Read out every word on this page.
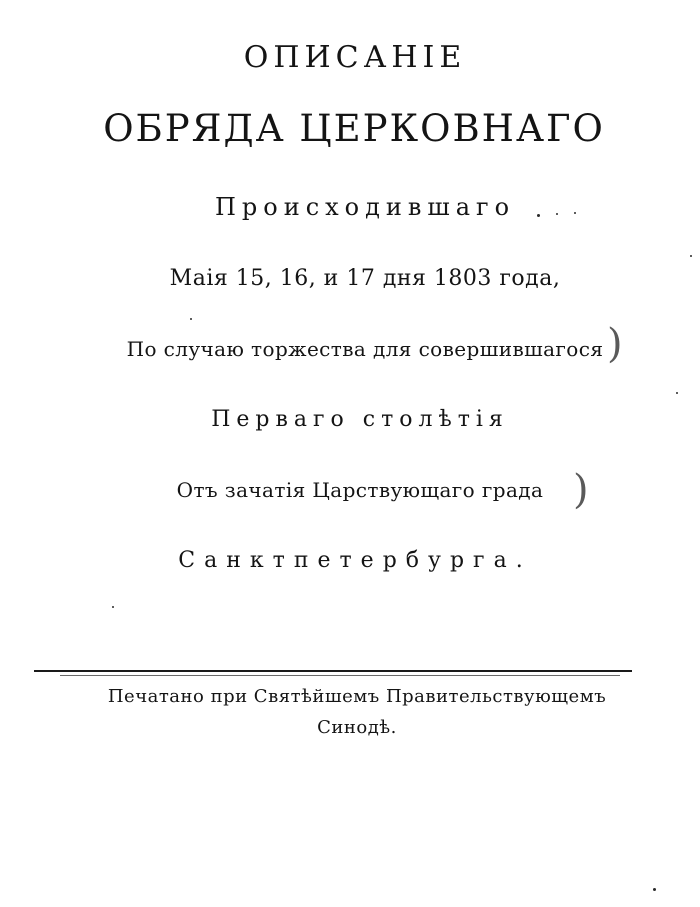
ОПИСАНІЕ
ОБРЯДА ЦЕРКОВНАГО
Происходившаго
Маія 15, 16, и 17 дня 1803 года,
По случаю торжества для совершившагося
Перваго столѣтія
Отъ зачатія Царствующаго града
Санктпетербурга.
Печатано при Святѣйшемъ Правительствующемъ
Синодѣ.
)
)
